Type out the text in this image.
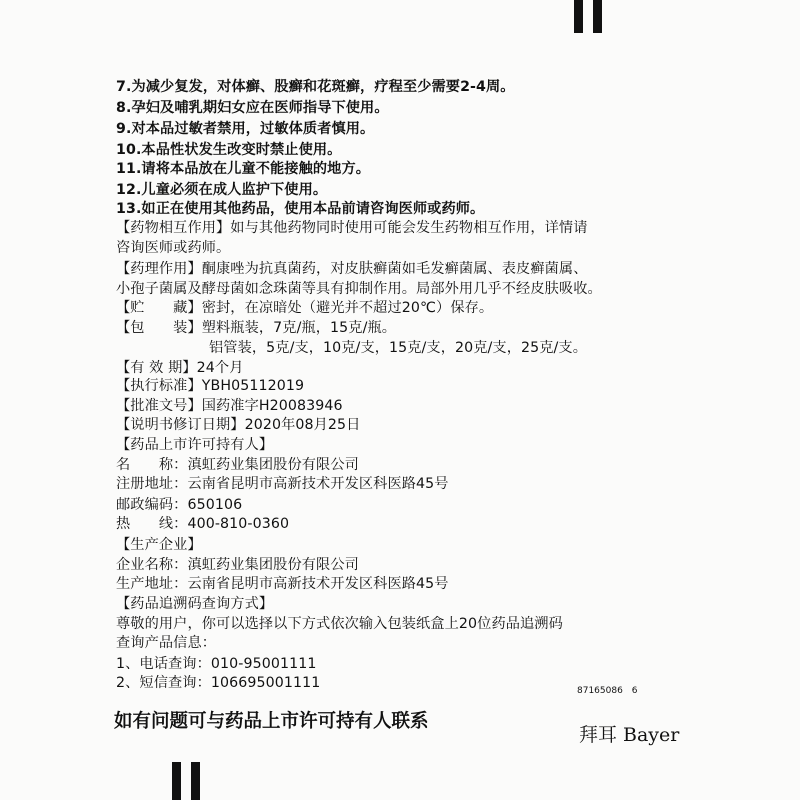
7.为减少复发，对体癣、股癣和花斑癣，疗程至少需要2-4周。
8.孕妇及哺乳期妇女应在医师指导下使用。
9.对本品过敏者禁用，过敏体质者慎用。
10.本品性状发生改变时禁止使用。
11.请将本品放在儿童不能接触的地方。
12.儿童必须在成人监护下使用。
13.如正在使用其他药品，使用本品前请咨询医师或药师。
【药物相互作用】如与其他药物同时使用可能会发生药物相互作用，详情请
咨询医师或药师。
【药理作用】酮康唑为抗真菌药，对皮肤癣菌如毛发癣菌属、表皮癣菌属、
小孢子菌属及酵母菌如念珠菌等具有抑制作用。局部外用几乎不经皮肤吸收。
【贮　　藏】密封，在凉暗处（避光并不超过20℃）保存。
【包　　装】塑料瓶装，7克/瓶，15克/瓶。
铝管装，5克/支，10克/支，15克/支，20克/支，25克/支。
【有 效 期】24个月
【执行标准】YBH05112019
【批准文号】国药准字H20083946
【说明书修订日期】2020年08月25日
【药品上市许可持有人】
名　　称：滇虹药业集团股份有限公司
注册地址：云南省昆明市高新技术开发区科医路45号
邮政编码：650106
热　　线：400-810-0360
【生产企业】
企业名称：滇虹药业集团股份有限公司
生产地址：云南省昆明市高新技术开发区科医路45号
【药品追溯码查询方式】
尊敬的用户，你可以选择以下方式依次输入包装纸盒上20位药品追溯码
查询产品信息：
1、电话查询：010-95001111
2、短信查询：106695001111	87165086　6
如有问题可与药品上市许可持有人联系
拜耳 Bayer
